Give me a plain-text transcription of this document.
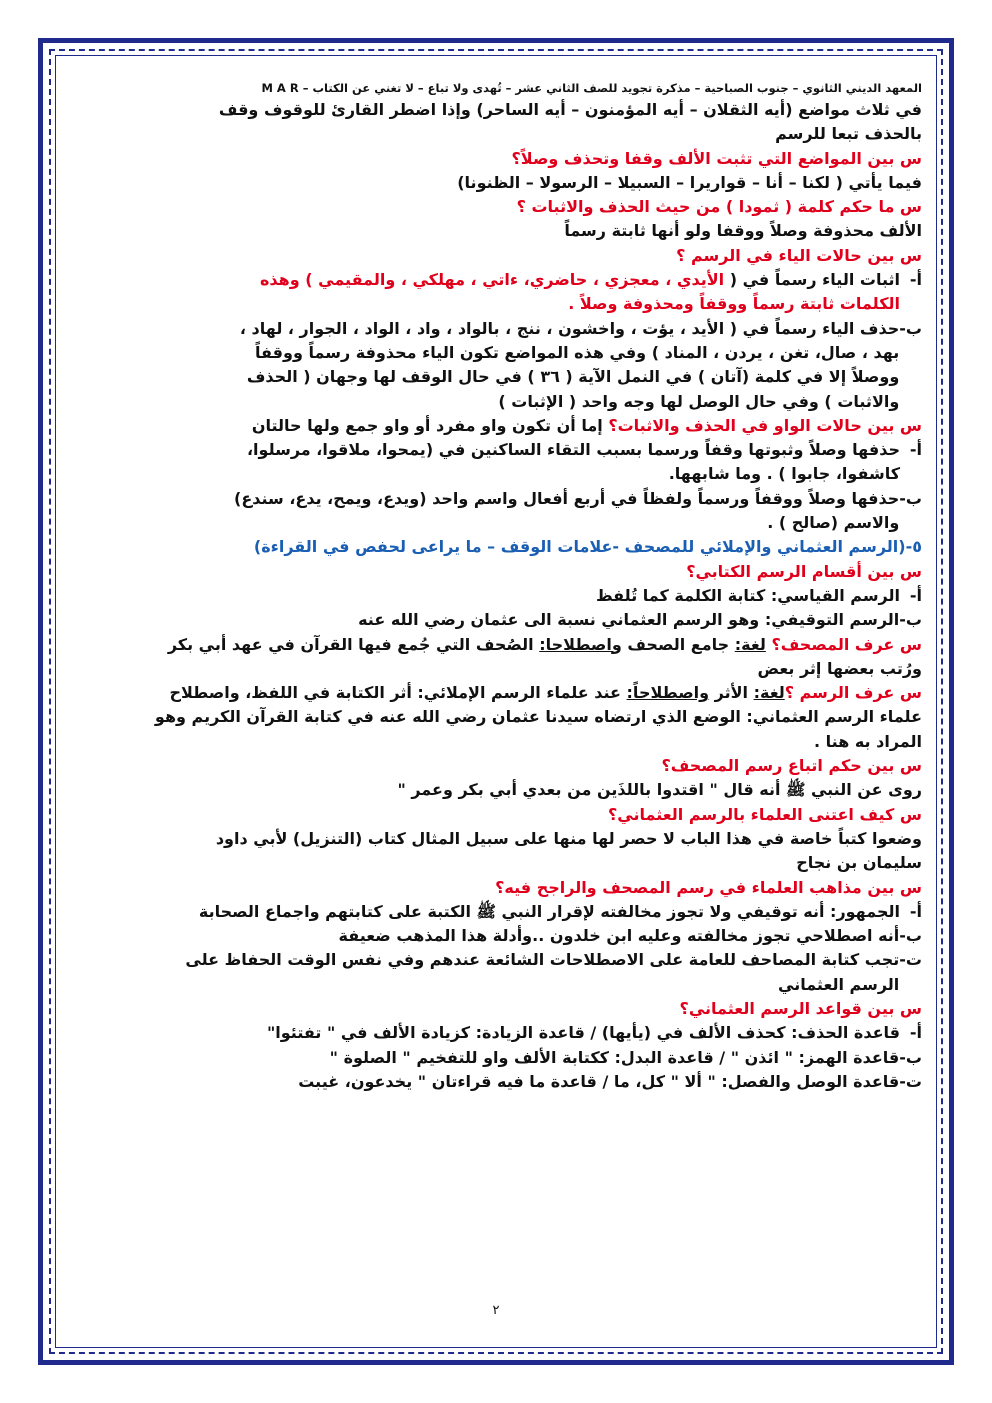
المعهد الديني الثانوي – جنوب الصباحية – مذكرة تجويد للصف الثاني عشر – تُهدى ولا تباع – لا تغني عن الكتاب – M A R

في ثلاث مواضع (أيه الثقلان – أيه المؤمنون – أيه الساحر) وإذا اضطر القارئ للوقوف وقف

بالحذف تبعا للرسم

س بين المواضع التي تثبت الألف وقفا وتحذف وصلاً؟

فيما يأتي ( لكنا – أنا – قواريرا – السبيلا – الرسولا – الظنونا)

س ما حكم كلمة ( ثمودا ) من حيث الحذف والاثبات ؟

الألف محذوفة وصلاً ووقفا ولو أنها ثابتة رسماً

س بين حالات الياء في الرسم ؟

أ-
اثبات الياء رسماً في ( الأيدي ، معجزي ، حاضري، ءاتي ، مهلكي ، والمقيمي ) وهذه
الكلمات ثابتة رسماً ووقفاً ومحذوفة وصلاً .
ب-
حذف الياء رسماً في ( الأيد ، يؤت ، واخشون ، ننج ، بالواد ، واد ، الواد ، الجوار ، لهاد ،
بهد ، صال، تغن ، يردن ، المناد ) وفي هذه المواضع تكون الياء محذوفة رسماً ووقفاً
ووصلاً إلا في كلمة (آتان ) في النمل الآية ( ٣٦ ) في حال الوقف لها وجهان ( الحذف
والاثبات ) وفي حال الوصل لها وجه واحد ( الإثبات )

س بين حالات الواو في الحذف والاثبات؟ إما أن تكون واو مفرد أو واو جمع ولها حالتان

أ-
حذفها وصلاً وثبوتها وقفاً ورسما بسبب التقاء الساكنين في (يمحوا، ملاقوا، مرسلوا،
كاشفوا، جابوا ) . وما شابهها.
ب-
حذفها وصلاً ووقفاً ورسماً ولفظاً في أربع أفعال واسم واحد (ويدع، ويمح، يدع، سندع)
والاسم (صالح ) .

٥-(الرسم العثماني والإملائي للمصحف -علامات الوقف – ما يراعى لحفص في القراءة)

س بين أقسام الرسم الكتابي؟

أ-
الرسم القياسي: كتابة الكلمة كما تُلفظ
ب-
الرسم التوقيفي: وهو الرسم العثماني نسبة الى عثمان رضي الله عنه

س عرف المصحف؟ لغة: جامع الصحف واصطلاحا: الصُحف التي جُمع فيها القرآن في عهد أبي بكر

ورُتب بعضها إثر بعض

س عرف الرسم ؟لغة: الأثر واصطلاحاً: عند علماء الرسم الإملائي: أثر الكتابة في اللفظ، واصطلاح

علماء الرسم العثماني: الوضع الذي ارتضاه سيدنا عثمان رضي الله عنه في كتابة القرآن الكريم وهو

المراد به هنا .

س بين حكم اتباع رسم المصحف؟

روى عن النبي ﷺ أنه قال " اقتدوا باللذَين من بعدي أبي بكر وعمر "

س كيف اعتنى العلماء بالرسم العثماني؟

وضعوا كتباً خاصة في هذا الباب لا حصر لها منها على سبيل المثال كتاب (التنزيل) لأبي داود

سليمان بن نجاح

س بين مذاهب العلماء في رسم المصحف والراجح فيه؟

أ-
الجمهور: أنه توقيفي ولا تجوز مخالفته لإقرار النبي ﷺ الكتبة على كتابتهم واجماع الصحابة
ب-
أنه اصطلاحي تجوز مخالفته وعليه ابن خلدون ..وأدلة هذا المذهب ضعيفة
ت-
تجب كتابة المصاحف للعامة على الاصطلاحات الشائعة عندهم وفي نفس الوقت الحفاظ على
الرسم العثماني

س بين قواعد الرسم العثماني؟

أ-
قاعدة الحذف: كحذف الألف في (يأيها) / قاعدة الزيادة: كزيادة الألف في " تفتئوا"
ب-
قاعدة الهمز: " ائذن " / قاعدة البدل: ككتابة الألف واو للتفخيم " الصلوة "
ت-
قاعدة الوصل والفصل: " ألا " كل، ما / قاعدة ما فيه قراءتان " يخدعون، غيبت
٢
